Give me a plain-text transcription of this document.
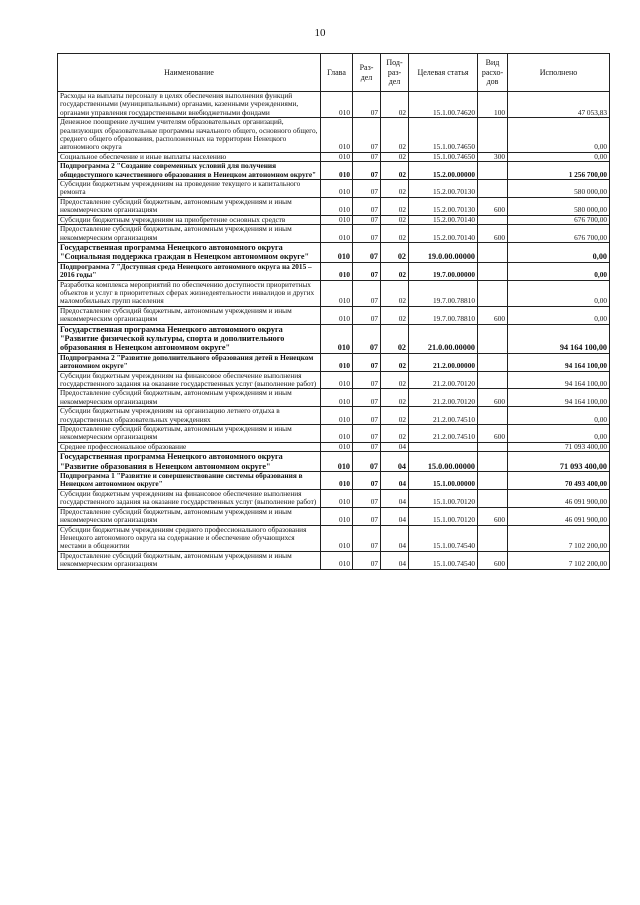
10
Наименование	Глава	Раз-дел	Под-раз-дел	Целевая статья	Вид расхо-дов	Исполнено
Расходы на выплаты персоналу в целях обеспечения выполнения функций государственными (муниципальными) органами, казенными учреждениями, органами управления государственными внебюджетными фондами	010	07	02	15.1.00.74620	100	47 053,83
Денежное поощрение лучшим учителям образовательных организаций, реализующих образовательные программы начального общего, основного общего, среднего общего образования, расположенных на территории Ненецкого автономного округа	010	07	02	15.1.00.74650		0,00
Социальное обеспечение и иные выплаты населению	010	07	02	15.1.00.74650	300	0,00
Подпрограмма 2 "Создание современных условий для получения общедоступного качественного образования в Ненецком автономном округе"	010	07	02	15.2.00.00000		1 256 700,00
Субсидии бюджетным учреждениям на проведение текущего и капитального ремонта	010	07	02	15.2.00.70130		580 000,00
Предоставление субсидий бюджетным, автономным учреждениям и иным некоммерческим организациям	010	07	02	15.2.00.70130	600	580 000,00
Субсидии бюджетным учреждениям на приобретение основных средств	010	07	02	15.2.00.70140		676 700,00
Предоставление субсидий бюджетным, автономным учреждениям и иным некоммерческим организациям	010	07	02	15.2.00.70140	600	676 700,00
Государственная программа Ненецкого автономного округа "Социальная поддержка граждан в Ненецком автономном округе"	010	07	02	19.0.00.00000		0,00
Подпрограмма 7 "Доступная среда Ненецкого автономного округа на 2015 – 2016 годы"	010	07	02	19.7.00.00000		0,00
Разработка комплекса мероприятий по обеспечению доступности приоритетных объектов и услуг в приоритетных сферах жизнедеятельности инвалидов и других маломобильных групп населения	010	07	02	19.7.00.78810		0,00
Предоставление субсидий бюджетным, автономным учреждениям и иным некоммерческим организациям	010	07	02	19.7.00.78810	600	0,00
Государственная программа Ненецкого автономного округа "Развитие физической культуры, спорта и дополнительного образования в Ненецком автономном округе"	010	07	02	21.0.00.00000		94 164 100,00
Подпрограмма 2 "Развитие дополнительного образования детей в Ненецком автономном округе"	010	07	02	21.2.00.00000		94 164 100,00
Субсидии бюджетным учреждениям на финансовое обеспечение выполнения государственного задания на оказание государственных услуг (выполнение работ)	010	07	02	21.2.00.70120		94 164 100,00
Предоставление субсидий бюджетным, автономным учреждениям и иным некоммерческим организациям	010	07	02	21.2.00.70120	600	94 164 100,00
Субсидии бюджетным учреждениям на организацию летнего отдыха в государственных образовательных учреждениях	010	07	02	21.2.00.74510		0,00
Предоставление субсидий бюджетным, автономным учреждениям и иным некоммерческим организациям	010	07	02	21.2.00.74510	600	0,00
Среднее профессиональное образование	010	07	04			71 093 400,00
Государственная программа Ненецкого автономного округа "Развитие образования в Ненецком автономном округе"	010	07	04	15.0.00.00000		71 093 400,00
Подпрограмма 1 "Развитие и совершенствование системы образования в Ненецком автономном округе"	010	07	04	15.1.00.00000		70 493 400,00
Субсидии бюджетным учреждениям на финансовое обеспечение выполнения государственного задания на оказание государственных услуг (выполнение работ)	010	07	04	15.1.00.70120		46 091 900,00
Предоставление субсидий бюджетным, автономным учреждениям и иным некоммерческим организациям	010	07	04	15.1.00.70120	600	46 091 900,00
Субсидии бюджетным учреждениям среднего профессионального образования Ненецкого автономного округа на содержание и обеспечение обучающихся местами в общежитии	010	07	04	15.1.00.74540		7 102 200,00
Предоставление субсидий бюджетным, автономным учреждениям и иным некоммерческим организациям	010	07	04	15.1.00.74540	600	7 102 200,00
